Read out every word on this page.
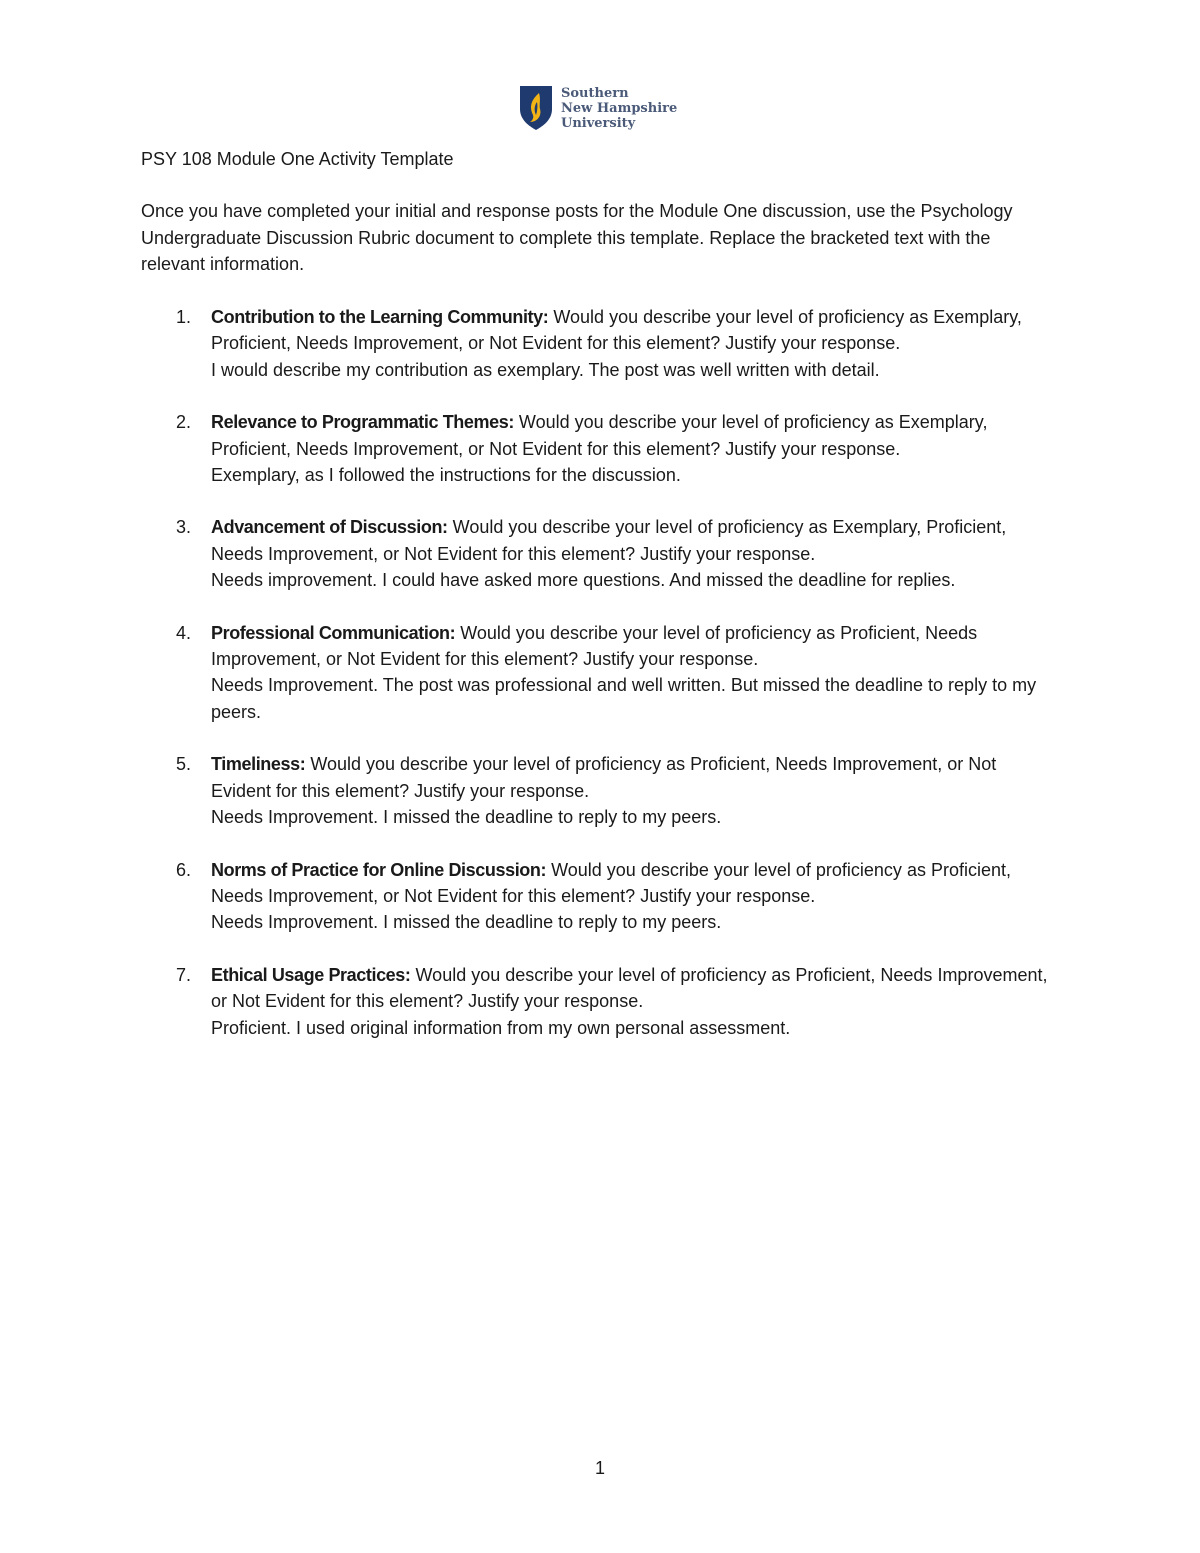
Southern
New Hampshire
University
PSY 108 Module One Activity Template
Once you have completed your initial and response posts for the Module One discussion, use the Psychology Undergraduate Discussion Rubric document to complete this template. Replace the bracketed text with the relevant information.
1. Contribution to the Learning Community: Would you describe your level of proficiency as Exemplary, Proficient, Needs Improvement, or Not Evident for this element? Justify your response.
I would describe my contribution as exemplary. The post was well written with detail.
2. Relevance to Programmatic Themes: Would you describe your level of proficiency as Exemplary, Proficient, Needs Improvement, or Not Evident for this element? Justify your response.
Exemplary, as I followed the instructions for the discussion.
3. Advancement of Discussion: Would you describe your level of proficiency as Exemplary, Proficient, Needs Improvement, or Not Evident for this element? Justify your response.
Needs improvement. I could have asked more questions. And missed the deadline for replies.
4. Professional Communication: Would you describe your level of proficiency as Proficient, Needs Improvement, or Not Evident for this element? Justify your response.
Needs Improvement. The post was professional and well written. But missed the deadline to reply to my peers.
5. Timeliness: Would you describe your level of proficiency as Proficient, Needs Improvement, or Not Evident for this element? Justify your response.
Needs Improvement. I missed the deadline to reply to my peers.
6. Norms of Practice for Online Discussion: Would you describe your level of proficiency as Proficient, Needs Improvement, or Not Evident for this element? Justify your response.
Needs Improvement. I missed the deadline to reply to my peers.
7. Ethical Usage Practices: Would you describe your level of proficiency as Proficient, Needs Improvement, or Not Evident for this element? Justify your response.
Proficient. I used original information from my own personal assessment.
1
